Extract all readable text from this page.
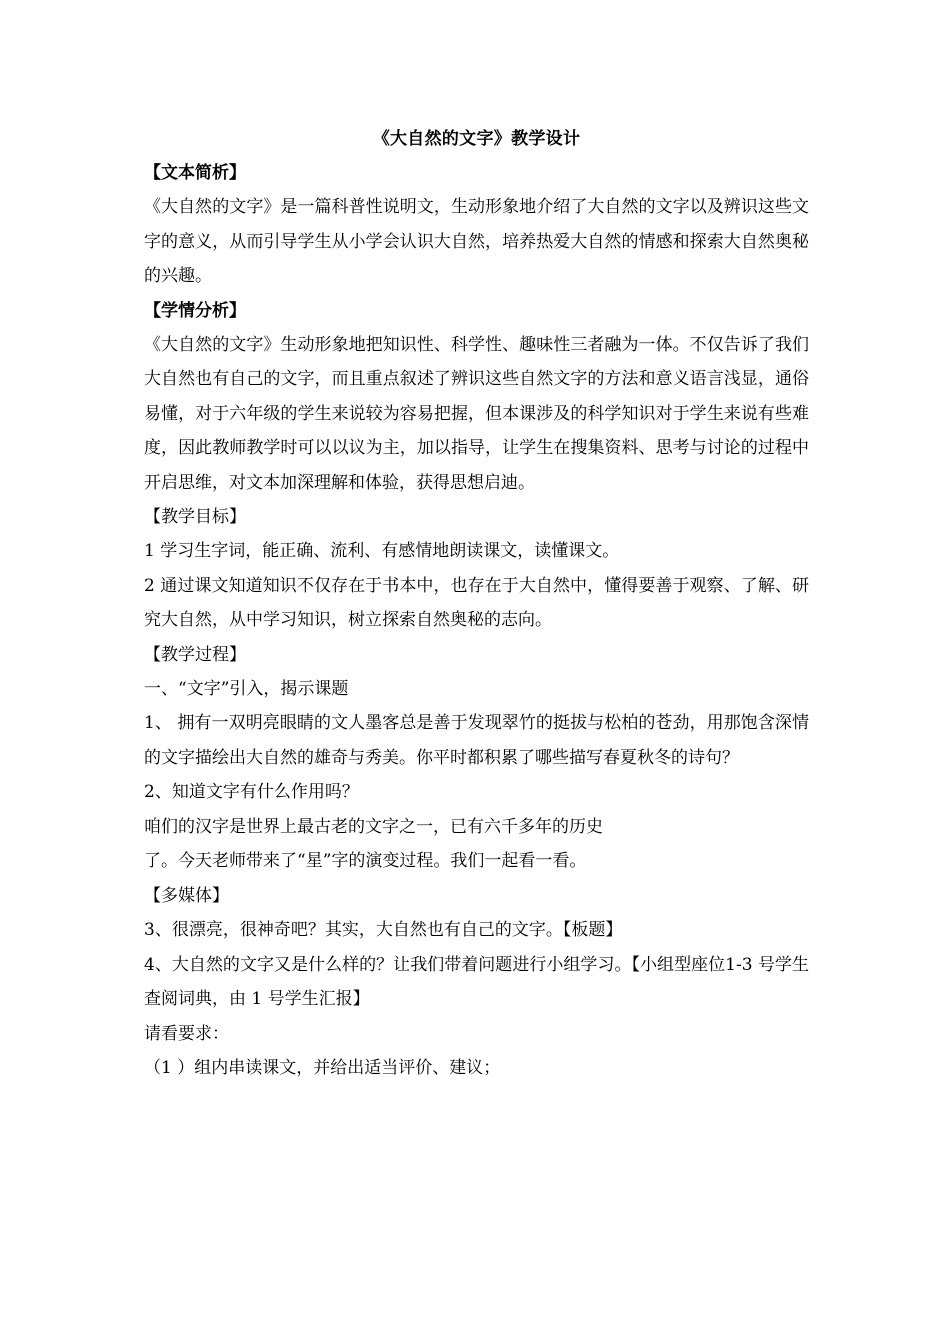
《大自然的文字》教学设计

【文本简析】

《大自然的文字》是一篇科普性说明文，生动形象地介绍了大自然的文字以及辨识这些文字的意义，从而引导学生从小学会认识大自然，培养热爱大自然的情感和探索大自然奥秘的兴趣。

【学情分析】

《大自然的文字》生动形象地把知识性、科学性、趣味性三者融为一体。不仅告诉了我们大自然也有自己的文字，而且重点叙述了辨识这些自然文字的方法和意义语言浅显，通俗易懂，对于六年级的学生来说较为容易把握，但本课涉及的科学知识对于学生来说有些难度，因此教师教学时可以以议为主，加以指导，让学生在搜集资料、思考与讨论的过程中开启思维，对文本加深理解和体验，获得思想启迪。

【教学目标】

1 学习生字词，能正确、流利、有感情地朗读课文，读懂课文。

2 通过课文知道知识不仅存在于书本中，也存在于大自然中，懂得要善于观察、了解、研究大自然，从中学习知识，树立探索自然奥秘的志向。

【教学过程】

一、“文字”引入，揭示课题

1、 拥有一双明亮眼睛的文人墨客总是善于发现翠竹的挺拔与松柏的苍劲，用那饱含深情的文字描绘出大自然的雄奇与秀美。你平时都积累了哪些描写春夏秋冬的诗句？

2、知道文字有什么作用吗？

咱们的汉字是世界上最古老的文字之一，已有六千多年的历史

了。今天老师带来了“星”字的演变过程。我们一起看一看。

【多媒体】

3、很漂亮，很神奇吧？其实，大自然也有自己的文字。【板题】

4、大自然的文字又是什么样的？让我们带着问题进行小组学习。【小组型座位1-3 号学生查阅词典，由 1 号学生汇报】

请看要求：

（1 ）组内串读课文，并给出适当评价、建议；
